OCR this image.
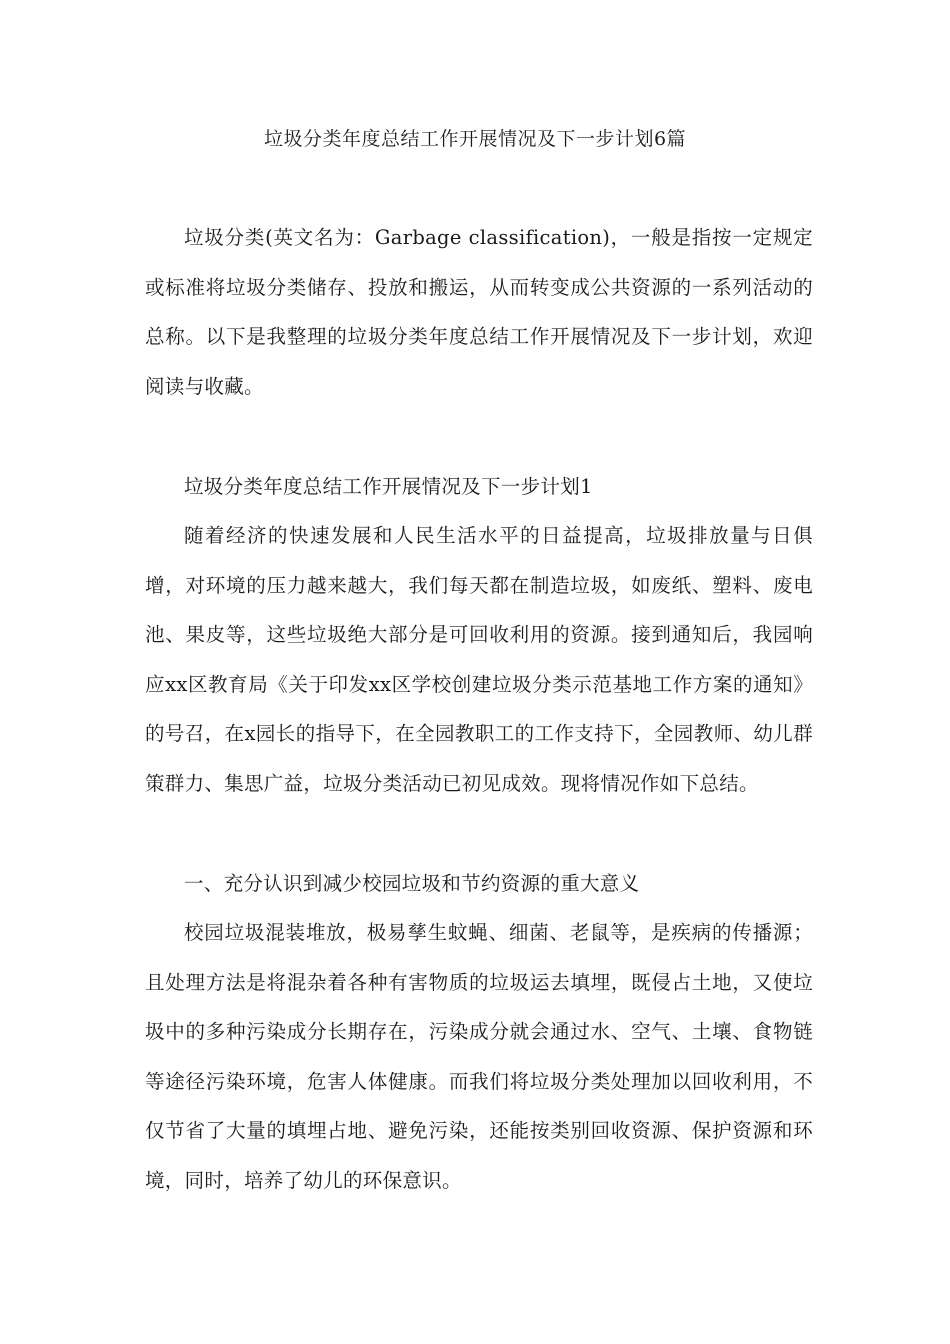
垃圾分类年度总结工作开展情况及下一步计划6篇
垃圾分类(英文名为：Garbage classification)，一般是指按一定规定或标准将垃圾分类储存、投放和搬运，从而转变成公共资源的一系列活动的总称。以下是我整理的垃圾分类年度总结工作开展情况及下一步计划，欢迎阅读与收藏。
垃圾分类年度总结工作开展情况及下一步计划1
随着经济的快速发展和人民生活水平的日益提高，垃圾排放量与日俱增，对环境的压力越来越大，我们每天都在制造垃圾，如废纸、塑料、废电池、果皮等，这些垃圾绝大部分是可回收利用的资源。接到通知后，我园响应xx区教育局《关于印发xx区学校创建垃圾分类示范基地工作方案的通知》的号召，在x园长的指导下，在全园教职工的工作支持下，全园教师、幼儿群策群力、集思广益，垃圾分类活动已初见成效。现将情况作如下总结。
一、充分认识到减少校园垃圾和节约资源的重大意义
校园垃圾混装堆放，极易孳生蚊蝇、细菌、老鼠等，是疾病的传播源；且处理方法是将混杂着各种有害物质的垃圾运去填埋，既侵占土地，又使垃圾中的多种污染成分长期存在，污染成分就会通过水、空气、土壤、食物链等途径污染环境，危害人体健康。而我们将垃圾分类处理加以回收利用，不仅节省了大量的填埋占地、避免污染，还能按类别回收资源、保护资源和环境，同时，培养了幼儿的环保意识。
